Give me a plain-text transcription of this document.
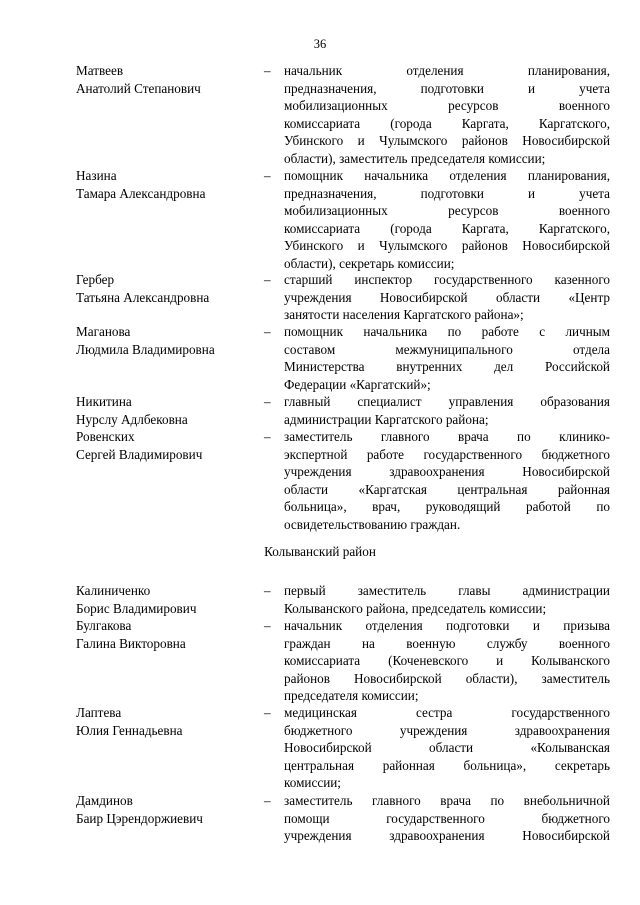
36
Матвеев
Анатолий Степанович
– начальник отделения планирования,
предназначения, подготовки и учета
мобилизационных ресурсов военного
комиссариата (города Каргата, Каргатского,
Убинского и Чулымского районов Новосибирской
области), заместитель председателя комиссии;
Назина
Тамара Александровна
– помощник начальника отделения планирования,
предназначения, подготовки и учета
мобилизационных ресурсов военного
комиссариата (города Каргата, Каргатского,
Убинского и Чулымского районов Новосибирской
области), секретарь комиссии;
Гербер
Татьяна Александровна
– старший инспектор государственного казенного
учреждения Новосибирской области «Центр
занятости населения Каргатского района»;
Маганова
Людмила Владимировна
– помощник начальника по работе с личным
составом межмуниципального отдела
Министерства внутренних дел Российской
Федерации «Каргатский»;
Никитина
Нурслу Адлбековна
– главный специалист управления образования
администрации Каргатского района;
Ровенских
Сергей Владимирович
– заместитель главного врача по клинико-
экспертной работе государственного бюджетного
учреждения здравоохранения Новосибирской
области «Каргатская центральная районная
больница», врач, руководящий работой по
освидетельствованию граждан.
Колыванский район
Калиниченко
Борис Владимирович
– первый заместитель главы администрации
Колыванского района, председатель комиссии;
Булгакова
Галина Викторовна
– начальник отделения подготовки и призыва
граждан на военную службу военного
комиссариата (Коченевского и Колыванского
районов Новосибирской области), заместитель
председателя комиссии;
Лаптева
Юлия Геннадьевна
– медицинская сестра государственного
бюджетного учреждения здравоохранения
Новосибирской области «Колыванская
центральная районная больница», секретарь
комиссии;
Дамдинов
Баир Цэрендоржиевич
– заместитель главного врача по внебольничной
помощи государственного бюджетного
учреждения здравоохранения Новосибирской
